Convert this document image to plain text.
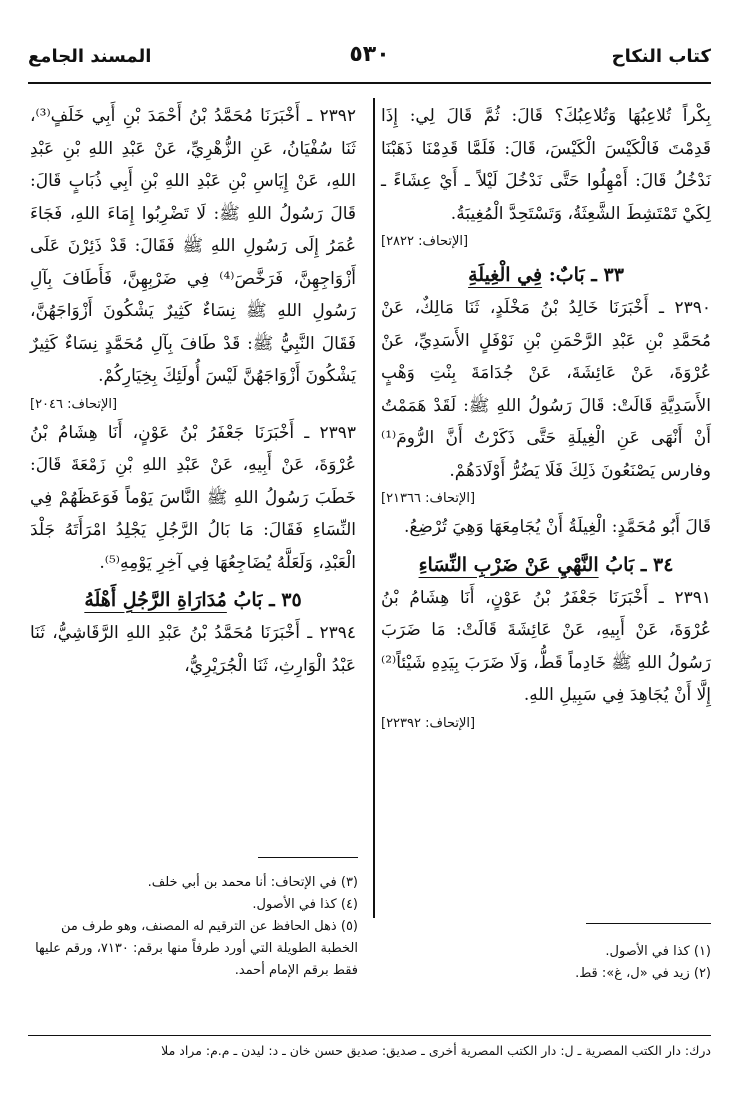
كتاب النكاح
٥٣٠
المسند الجامع

بِكْراً تُلاعِبُهَا وَتُلاعِبُكَ؟ قَالَ: ثُمَّ قَالَ لِي: إِذَا قَدِمْتَ فَالْكَيْسَ الْكَيْسَ، قَالَ: فَلَمَّا قَدِمْنَا ذَهَبْنَا نَدْخُلُ قَالَ: أَمْهِلُوا حَتَّى نَدْخُلَ لَيْلاً ـ أَيْ عِشَاءً ـ لِكَيْ تَمْتَشِطَ الشَّعِثَةُ، وَتَسْتَحِدَّ الْمُغِيبَةُ.
[الإتحاف: ٢٨٢٢]

٣٣ ـ بَابٌ: فِي الْغِيلَةِ

٢٣٩٠ ـ أَخْبَرَنَا خَالِدُ بْنُ مَخْلَدٍ، ثَنَا مَالِكٌ، عَنْ مُحَمَّدِ بْنِ عَبْدِ الرَّحْمَنِ بْنِ نَوْفَلٍ الأَسَدِيِّ، عَنْ عُرْوَةَ، عَنْ عَائِشَةَ، عَنْ جُدَامَةَ بِنْتِ وَهْبٍ الأَسَدِيَّةِ قَالَتْ: قَالَ رَسُولُ اللهِ ﷺ: لَقَدْ هَمَمْتُ أَنْ أَنْهَى عَنِ الْغِيلَةِ حَتَّى ذَكَرْتُ أَنَّ الرُّومَ⁽¹⁾ وفارس يَصْنَعُونَ ذَلِكَ فَلَا يَضُرُّ أَوْلَادَهُمْ.
[الإتحاف: ٢١٣٦٦]

قَالَ أَبُو مُحَمَّدٍ: الْغِيلَةُ أَنْ يُجَامِعَهَا وَهِيَ تُرْضِعُ.

٣٤ ـ بَابُ النَّهْيِ عَنْ ضَرْبِ النِّسَاءِ

٢٣٩١ ـ أَخْبَرَنَا جَعْفَرُ بْنُ عَوْنٍ، أَنَا هِشَامُ بْنُ عُرْوَةَ، عَنْ أَبِيهِ، عَنْ عَائِشَةَ قَالَتْ: مَا ضَرَبَ رَسُولُ اللهِ ﷺ خَادِماً قَطُّ، وَلَا ضَرَبَ بِيَدِهِ شَيْئاً⁽²⁾ إِلَّا أَنْ يُجَاهِدَ فِي سَبِيلِ اللهِ.
[الإتحاف: ٢٢٣٩٢]

٢٣٩٢ ـ أَخْبَرَنَا مُحَمَّدُ بْنُ أَحْمَدَ بْنِ أَبِي خَلَفٍ⁽³⁾، ثَنَا سُفْيَانُ، عَنِ الزُّهْرِيِّ، عَنْ عَبْدِ اللهِ بْنِ عَبْدِ اللهِ، عَنْ إِيَاسِ بْنِ عَبْدِ اللهِ بْنِ أَبِي ذُبَابٍ قَالَ: قَالَ رَسُولُ اللهِ ﷺ: لَا تَضْرِبُوا إِمَاءَ اللهِ، فَجَاءَ عُمَرُ إِلَى رَسُولِ اللهِ ﷺ فَقَالَ: قَدْ ذَئِرْنَ عَلَى أَزْوَاجِهِنَّ، فَرَخَّصَ⁽⁴⁾ فِي ضَرْبِهِنَّ، فَأَطَافَ بِآلِ رَسُولِ اللهِ ﷺ نِسَاءٌ كَثِيرٌ يَشْكُونَ أَزْوَاجَهُنَّ، فَقَالَ النَّبِيُّ ﷺ: قَدْ طَافَ بِآلِ مُحَمَّدٍ نِسَاءٌ كَثِيرٌ يَشْكُونَ أَزْوَاجَهُنَّ لَيْسَ أُولَئِكَ بِخِيَارِكُمْ.
[الإتحاف: ٢٠٤٦]

٢٣٩٣ ـ أَخْبَرَنَا جَعْفَرُ بْنُ عَوْنٍ، أَنَا هِشَامُ بْنُ عُرْوَةَ، عَنْ أَبِيهِ، عَنْ عَبْدِ اللهِ بْنِ زَمْعَةَ قَالَ: خَطَبَ رَسُولُ اللهِ ﷺ النَّاسَ يَوْماً فَوَعَظَهُمْ فِي النِّسَاءِ فَقَالَ: مَا بَالُ الرَّجُلِ يَجْلِدُ امْرَأَتَهُ جَلْدَ الْعَبْدِ، وَلَعَلَّهُ يُضَاجِعُهَا فِي آخِرِ يَوْمِهِ⁽⁵⁾.

٣٥ ـ بَابُ مُدَارَاةِ الرَّجُلِ أَهْلَهُ

٢٣٩٤ ـ أَخْبَرَنَا مُحَمَّدُ بْنُ عَبْدِ اللهِ الرَّقَاشِيُّ، ثَنَا عَبْدُ الْوَارِثِ، ثَنَا الْجُرَيْرِيُّ،

(٣) في الإتحاف: أنا محمد بن أبي خلف.

(٤) كذا في الأصول.

(٥) ذهل الحافظ عن الترقيم له المصنف، وهو طرف من الخطبة الطويلة التي أورد طرفاً منها برقم: ٧١٣٠، ورقم عليها فقط برقم الإمام أحمد.

(١) كذا في الأصول.

(٢) زيد في «ل، غ»: قط.

درك: دار الكتب المصرية ـ ل: دار الكتب المصرية أخرى ـ صديق: صديق حسن خان ـ د: ليدن ـ م.م: مراد ملا
